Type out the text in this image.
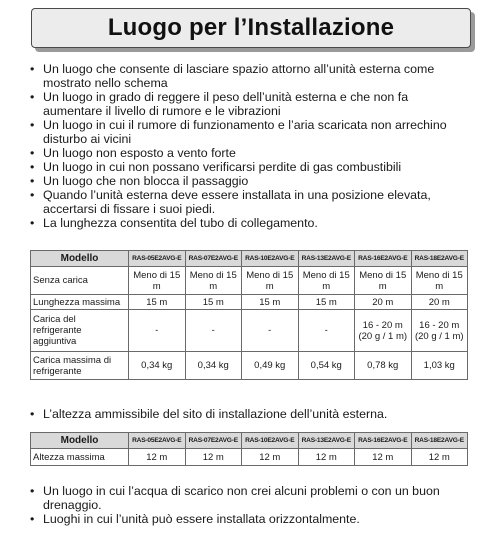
Luogo per l’Installazione
• Un luogo che consente di lasciare spazio attorno all’unità esterna come mostrato nello schema
• Un luogo in grado di reggere il peso dell’unità esterna e che non fa aumentare il livello di rumore e le vibrazioni
• Un luogo in cui il rumore di funzionamento e l’aria scaricata non arrechino disturbo ai vicini
• Un luogo non esposto a vento forte
• Un luogo in cui non possano verificarsi perdite di gas combustibili
• Un luogo che non blocca il passaggio
• Quando l’unità esterna deve essere installata in una posizione elevata, accertarsi di fissare i suoi piedi.
• La lunghezza consentita del tubo di collegamento.
Modello	RAS-05E2AVG-E	RAS-07E2AVG-E	RAS-10E2AVG-E	RAS-13E2AVG-E	RAS-16E2AVG-E	RAS-18E2AVG-E
Senza carica	Meno di 15 m	Meno di 15 m	Meno di 15 m	Meno di 15 m	Meno di 15 m	Meno di 15 m
Lunghezza massima	15 m	15 m	15 m	15 m	20 m	20 m
Carica del refrigerante aggiuntiva	-	-	-	-	16 - 20 m (20 g / 1 m)	16 - 20 m (20 g / 1 m)
Carica massima di refrigerante	0,34 kg	0,34 kg	0,49 kg	0,54 kg	0,78 kg	1,03 kg
• L’altezza ammissibile del sito di installazione dell’unità esterna.
Modello	RAS-05E2AVG-E	RAS-07E2AVG-E	RAS-10E2AVG-E	RAS-13E2AVG-E	RAS-16E2AVG-E	RAS-18E2AVG-E
Altezza massima	12 m	12 m	12 m	12 m	12 m	12 m
• Un luogo in cui l’acqua di scarico non crei alcuni problemi o con un buon drenaggio.
• Luoghi in cui l’unità può essere installata orizzontalmente.
